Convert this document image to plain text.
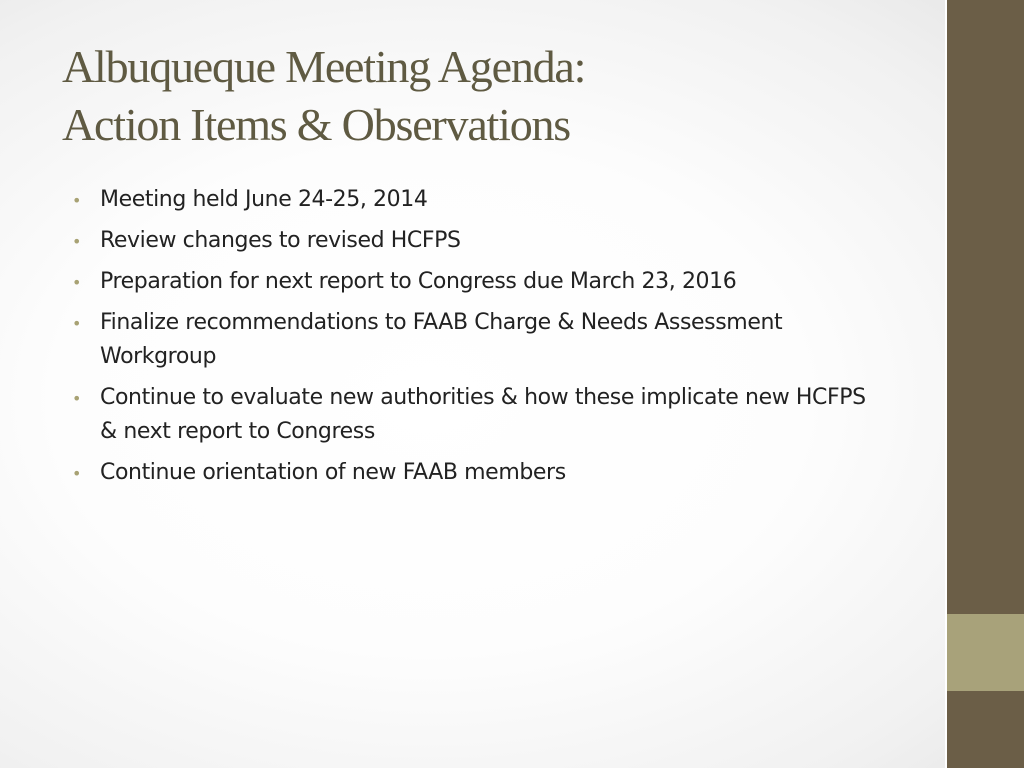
Albuqueque Meeting Agenda:
Action Items & Observations
• Meeting held June 24-25, 2014
• Review changes to revised HCFPS
• Preparation for next report to Congress due March 23, 2016
• Finalize recommendations to FAAB Charge & Needs Assessment Workgroup
• Continue to evaluate new authorities & how these implicate new HCFPS & next report to Congress
• Continue orientation of new FAAB members
